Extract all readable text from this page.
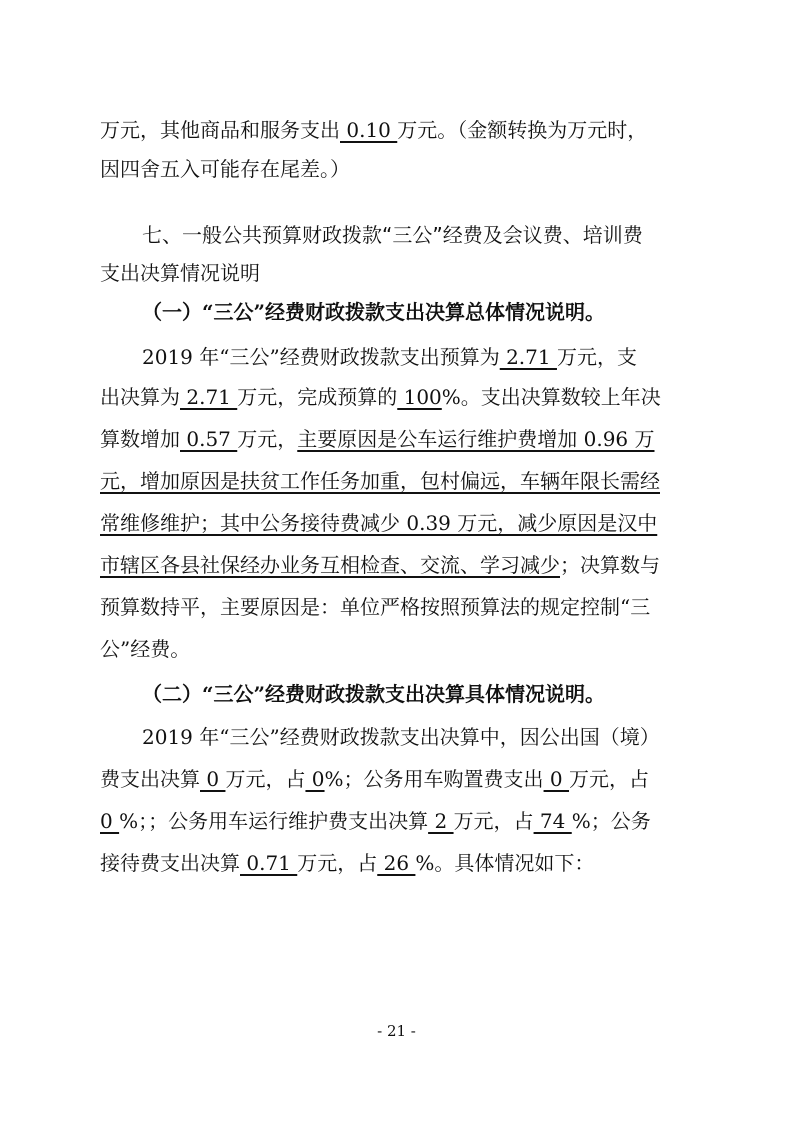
万元，其他商品和服务支出 0.10 万元。（金额转换为万元时，
因四舍五入可能存在尾差。）
七、一般公共预算财政拨款“三公”经费及会议费、培训费
支出决算情况说明
（一）“三公”经费财政拨款支出决算总体情况说明。
2019 年“三公”经费财政拨款支出预算为 2.71 万元，支
出决算为 2.71 万元，完成预算的 100%。支出决算数较上年决
算数增加 0.57 万元，主要原因是公车运行维护费增加 0.96 万
元，增加原因是扶贫工作任务加重，包村偏远，车辆年限长需经
常维修维护；其中公务接待费减少 0.39 万元，减少原因是汉中
市辖区各县社保经办业务互相检查、交流、学习减少；决算数与
预算数持平，主要原因是：单位严格按照预算法的规定控制“三
公”经费。
（二）“三公”经费财政拨款支出决算具体情况说明。
2019 年“三公”经费财政拨款支出决算中，因公出国（境）
费支出决算 0 万元，占 0%；公务用车购置费支出 0 万元，占
0 %；；公务用车运行维护费支出决算 2 万元，占 74 %；公务
接待费支出决算 0.71 万元，占 26 %。具体情况如下：
- 21 -
